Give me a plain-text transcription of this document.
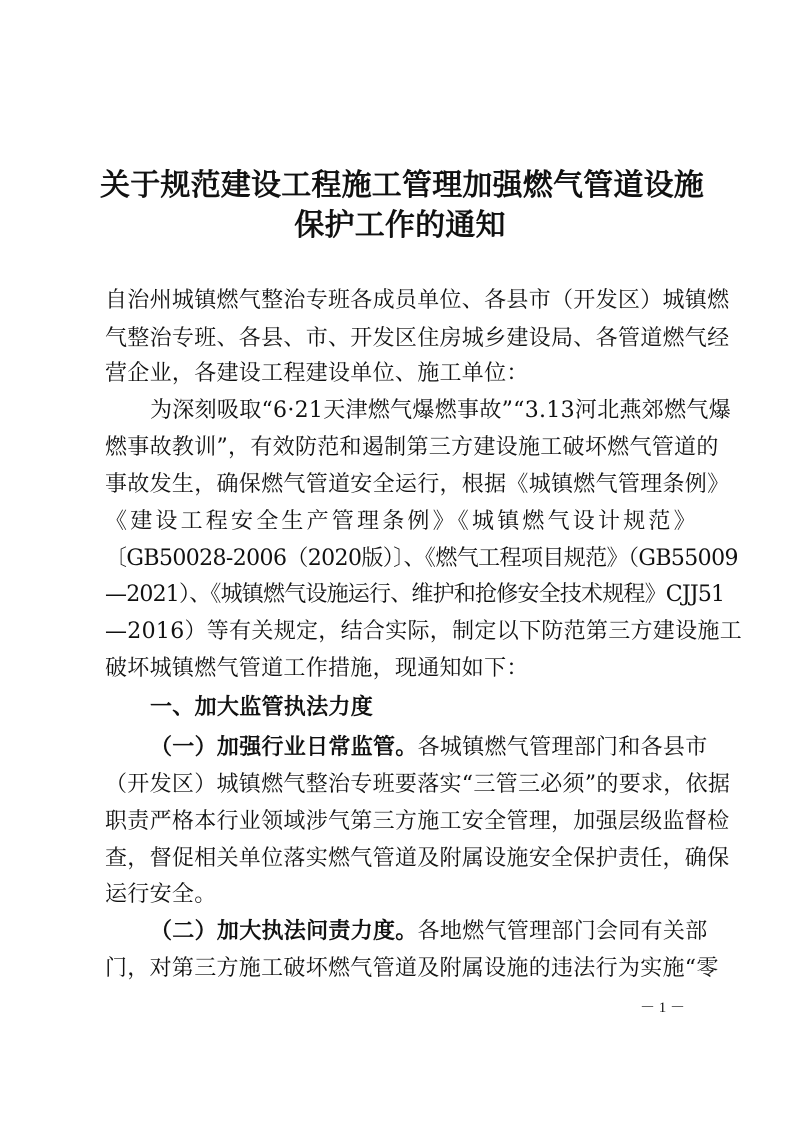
关于规范建设工程施工管理加强燃气管道设施
保护工作的通知
自治州城镇燃气整治专班各成员单位、各县市（开发区）城镇燃
气整治专班、各县、市、开发区住房城乡建设局、各管道燃气经
营企业，各建设工程建设单位、施工单位：
为深刻吸取“6·21天津燃气爆燃事故”“3.13河北燕郊燃气爆
燃事故教训”，有效防范和遏制第三方建设施工破坏燃气管道的
事故发生，确保燃气管道安全运行，根据《城镇燃气管理条例》
《建设工程安全生产管理条例》《城镇燃气设计规范》
〔GB50028-2006（2020版）〕、《燃气工程项目规范》（GB55009
—2021）、《城镇燃气设施运行、维护和抢修安全技术规程》CJJ51
—2016）等有关规定，结合实际，制定以下防范第三方建设施工
破坏城镇燃气管道工作措施，现通知如下：
一、加大监管执法力度
（一）加强行业日常监管。各城镇燃气管理部门和各县市
（开发区）城镇燃气整治专班要落实“三管三必须”的要求，依据
职责严格本行业领域涉气第三方施工安全管理，加强层级监督检
查，督促相关单位落实燃气管道及附属设施安全保护责任，确保
运行安全。
（二）加大执法问责力度。各地燃气管理部门会同有关部
门，对第三方施工破坏燃气管道及附属设施的违法行为实施“零
－ 1 －
